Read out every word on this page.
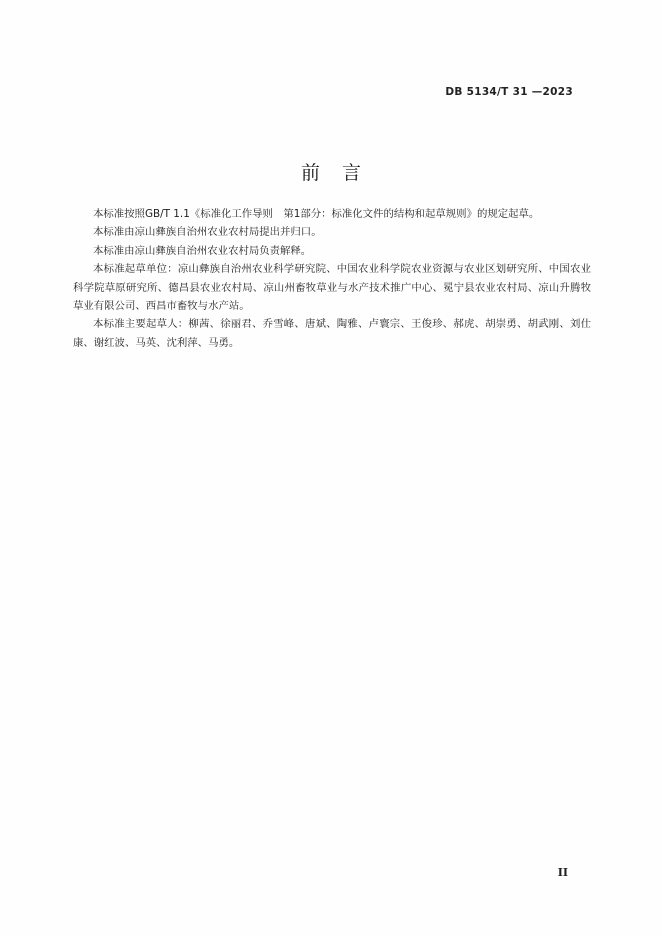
DB 5134/T 31 —2023
前言

本标准按照GB/T 1.1《标准化工作导则　第1部分：标准化文件的结构和起草规则》的规定起草。

本标准由凉山彝族自治州农业农村局提出并归口。

本标准由凉山彝族自治州农业农村局负责解释。

本标准起草单位：凉山彝族自治州农业科学研究院、中国农业科学院农业资源与农业区划研究所、中国农业科学院草原研究所、德昌县农业农村局、凉山州畜牧草业与水产技术推广中心、冕宁县农业农村局、凉山升腾牧草业有限公司、西昌市畜牧与水产站。

本标准主要起草人：柳茜、徐丽君、乔雪峰、唐斌、陶雅、卢寰宗、王俊珍、郝虎、胡崇勇、胡武刚、刘仕康、谢红波、马英、沈利萍、马勇。

II
